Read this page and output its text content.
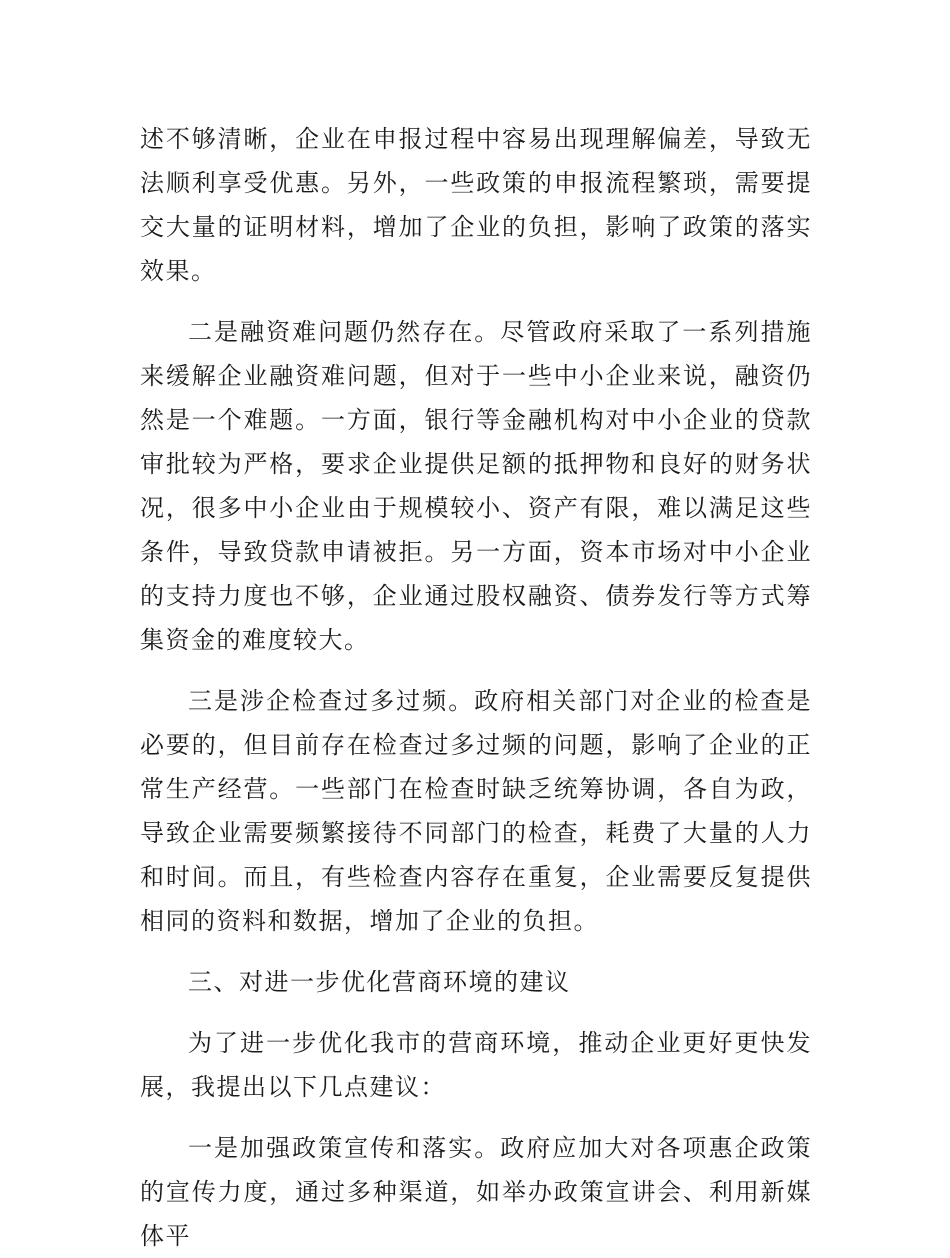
述不够清晰，企业在申报过程中容易出现理解偏差，导致无法顺利享受优惠。另外，一些政策的申报流程繁琐，需要提交大量的证明材料，增加了企业的负担，影响了政策的落实效果。

二是融资难问题仍然存在。尽管政府采取了一系列措施来缓解企业融资难问题，但对于一些中小企业来说，融资仍然是一个难题。一方面，银行等金融机构对中小企业的贷款审批较为严格，要求企业提供足额的抵押物和良好的财务状况，很多中小企业由于规模较小、资产有限，难以满足这些条件，导致贷款申请被拒。另一方面，资本市场对中小企业的支持力度也不够，企业通过股权融资、债券发行等方式筹集资金的难度较大。

三是涉企检查过多过频。政府相关部门对企业的检查是必要的，但目前存在检查过多过频的问题，影响了企业的正常生产经营。一些部门在检查时缺乏统筹协调，各自为政，导致企业需要频繁接待不同部门的检查，耗费了大量的人力和时间。而且，有些检查内容存在重复，企业需要反复提供相同的资料和数据，增加了企业的负担。

三、对进一步优化营商环境的建议

为了进一步优化我市的营商环境，推动企业更好更快发展，我提出以下几点建议：

一是加强政策宣传和落实。政府应加大对各项惠企政策的宣传力度，通过多种渠道，如举办政策宣讲会、利用新媒体平
